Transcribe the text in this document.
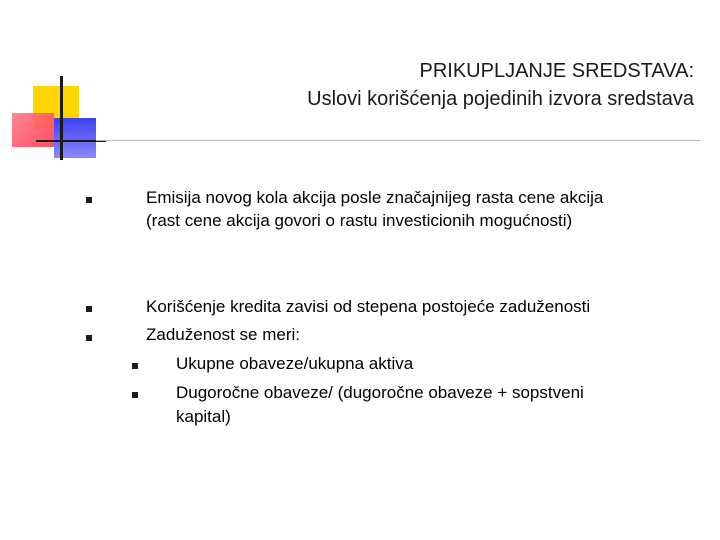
PRIKUPLJANJE SREDSTAVA:
Uslovi korišćenja pojedinih izvora sredstava
Emisija novog kola akcija posle značajnijeg rasta cene akcija
(rast cene akcija govori o rastu investicionih mogućnosti)
Korišćenje kredita zavisi od stepena postojeće zaduženosti
Zaduženost se meri:
Ukupne obaveze/ukupna aktiva
Dugoročne obaveze/ (dugoročne obaveze + sopstveni
kapital)
